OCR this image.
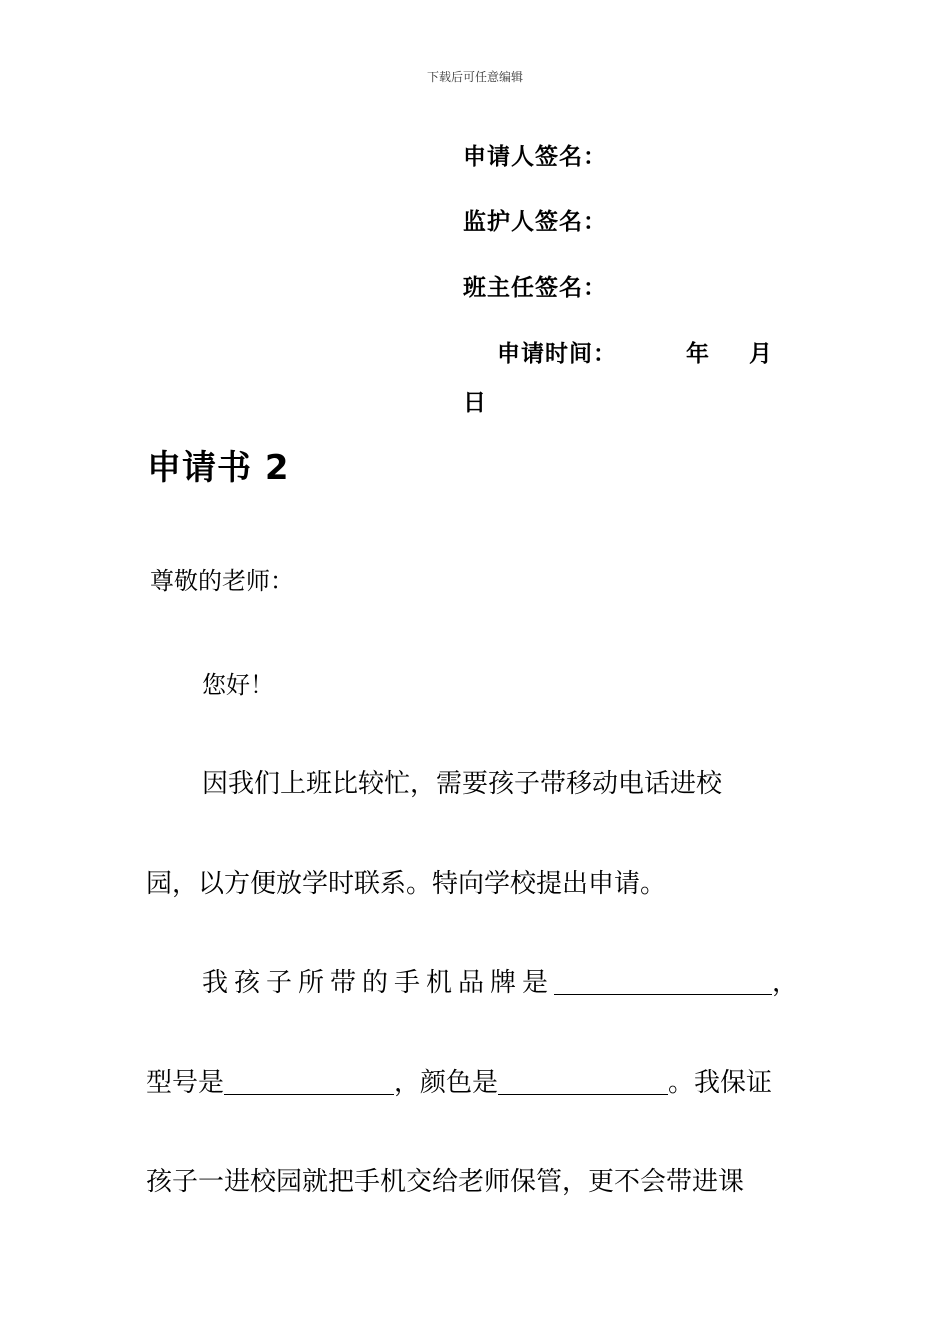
下载后可任意编辑
申请人签名：
监护人签名：
班主任签名：
申请时间：	年 月
日
申请书 2
尊敬的老师：
您好！
因我们上班比较忙，需要孩子带移动电话进校
园，以方便放学时联系。特向学校提出申请。
我孩子所带的手机品牌是	，
型号是	，颜色是	。我保证
孩子一进校园就把手机交给老师保管，更不会带进课
